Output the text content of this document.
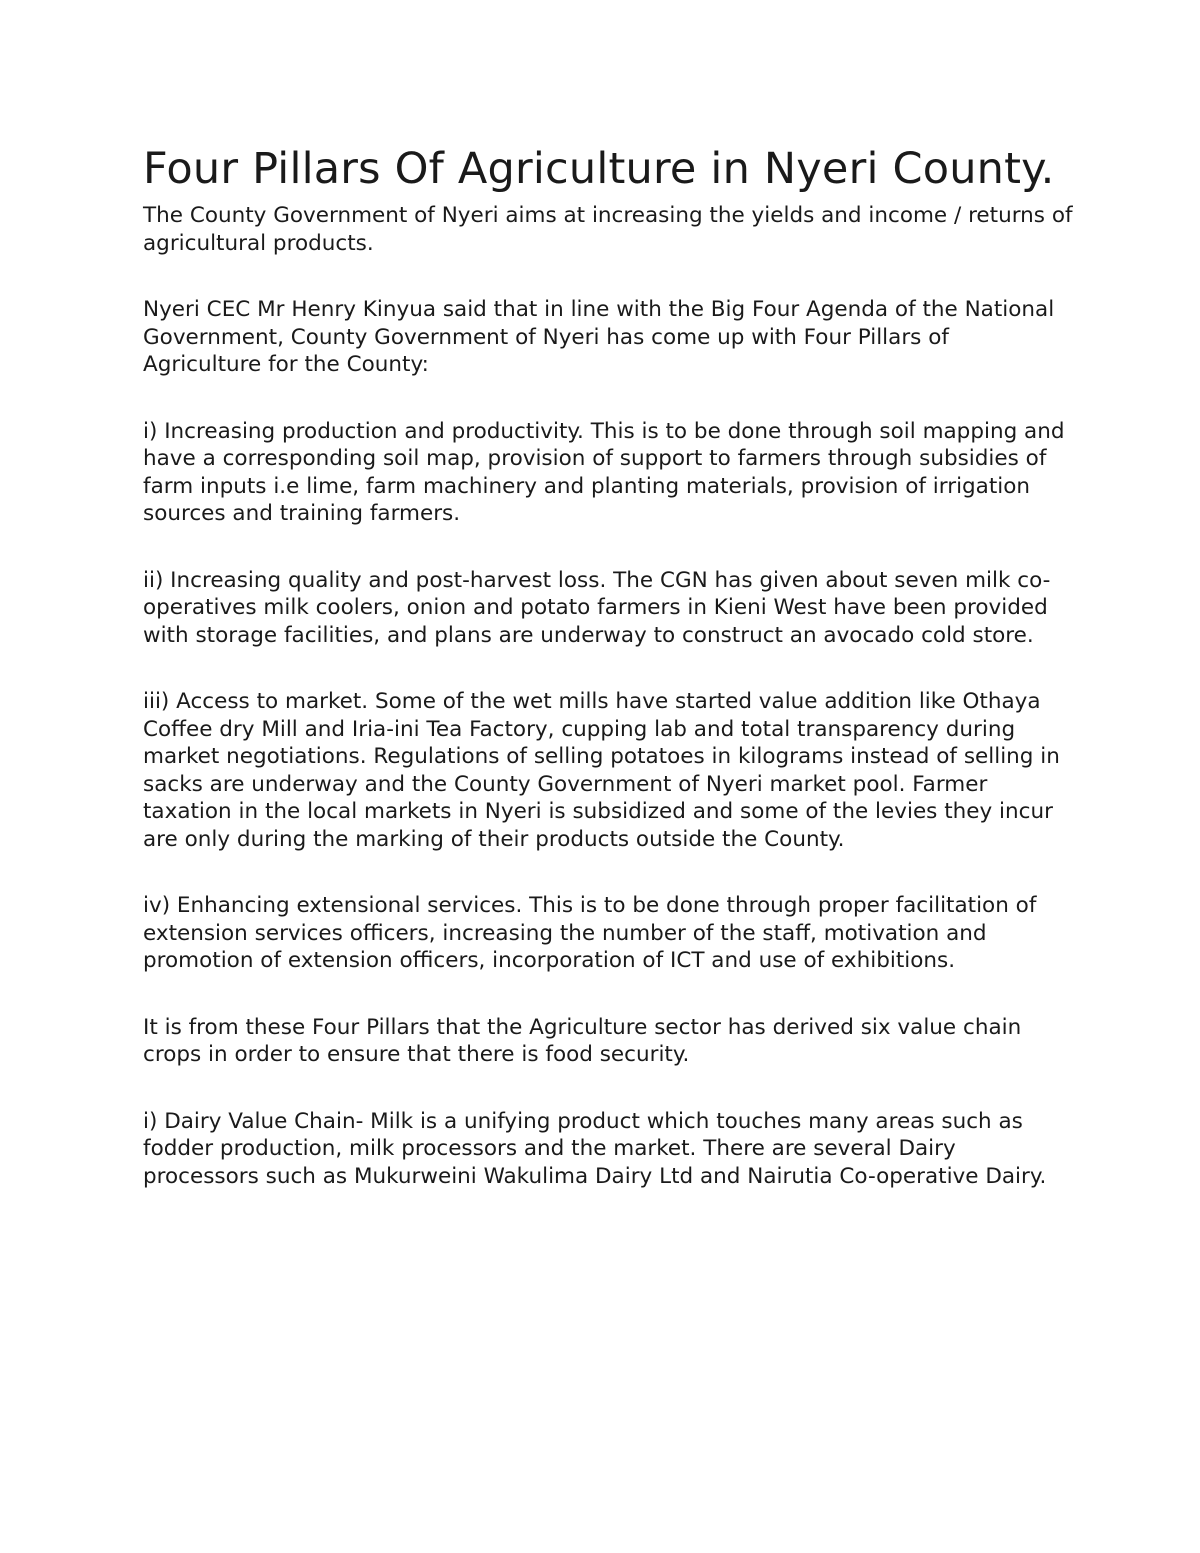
Four Pillars Of Agriculture in Nyeri County.

The County Government of Nyeri aims at increasing the yields and income / returns of agricultural products.

Nyeri CEC Mr Henry Kinyua said that in line with the Big Four Agenda of the National Government, County Government of Nyeri has come up with Four Pillars of Agriculture for the County:

i) Increasing production and productivity. This is to be done through soil mapping and have a corresponding soil map, provision of support to farmers through subsidies of farm inputs i.e lime, farm machinery and planting materials, provision of irrigation sources and training farmers.

ii) Increasing quality and post-harvest loss. The CGN has given about seven milk co-operatives milk coolers, onion and potato farmers in Kieni West have been provided with storage facilities, and plans are underway to construct an avocado cold store.

iii) Access to market. Some of the wet mills have started value addition like Othaya Coffee dry Mill and Iria-ini Tea Factory, cupping lab and total transparency during market negotiations. Regulations of selling potatoes in kilograms instead of selling in sacks are underway and the County Government of Nyeri market pool. Farmer taxation in the local markets in Nyeri is subsidized and some of the levies they incur are only during the marking of their products outside the County.

iv) Enhancing extensional services. This is to be done through proper facilitation of extension services officers, increasing the number of the staff, motivation and promotion of extension officers, incorporation of ICT and use of exhibitions.

It is from these Four Pillars that the Agriculture sector has derived six value chain crops in order to ensure that there is food security.

i) Dairy Value Chain- Milk is a unifying product which touches many areas such as fodder production, milk processors and the market. There are several Dairy processors such as Mukurweini Wakulima Dairy Ltd and Nairutia Co-operative Dairy.
